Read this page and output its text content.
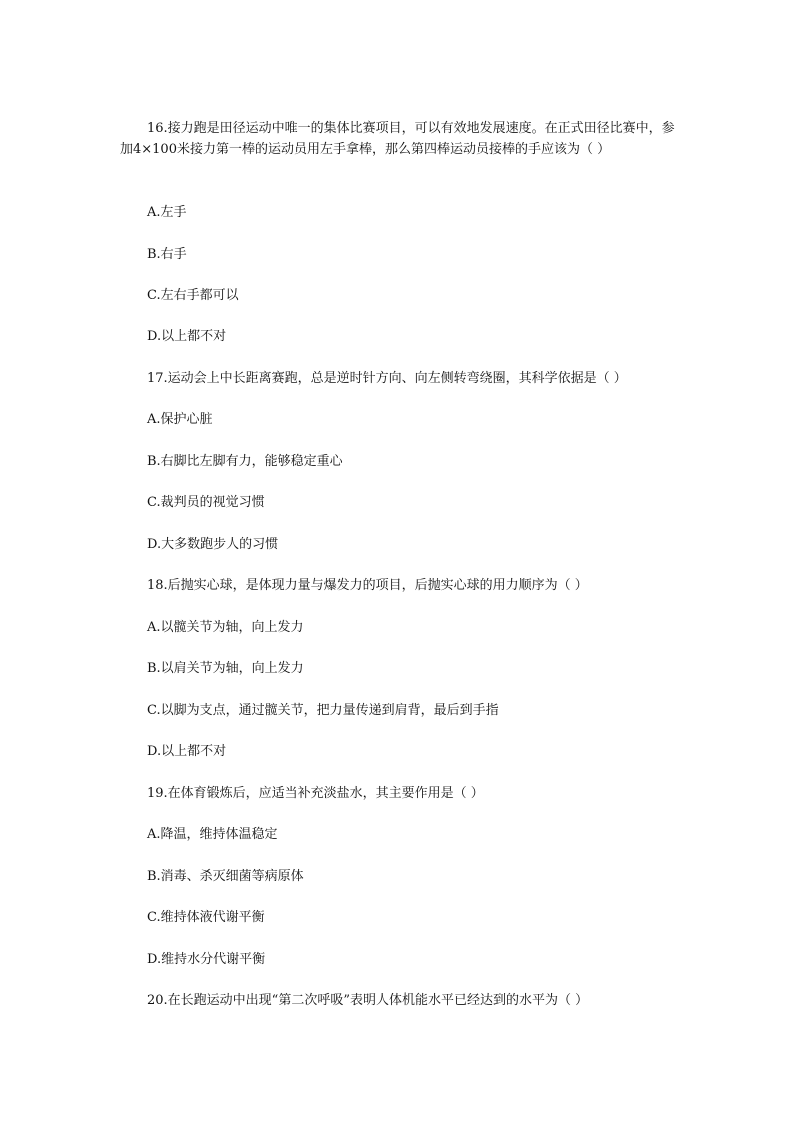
16.接力跑是田径运动中唯一的集体比赛项目，可以有效地发展速度。在正式田径比赛中，参加4×100米接力第一棒的运动员用左手拿棒，那么第四棒运动员接棒的手应该为（ ）

A.左手

B.右手

C.左右手都可以

D.以上都不对

17.运动会上中长距离赛跑，总是逆时针方向、向左侧转弯绕圈，其科学依据是（ ）

A.保护心脏

B.右脚比左脚有力，能够稳定重心

C.裁判员的视觉习惯

D.大多数跑步人的习惯

18.后抛实心球，是体现力量与爆发力的项目，后抛实心球的用力顺序为（ ）

A.以髋关节为轴，向上发力

B.以肩关节为轴，向上发力

C.以脚为支点，通过髋关节，把力量传递到肩背，最后到手指

D.以上都不对

19.在体育锻炼后，应适当补充淡盐水，其主要作用是（ ）

A.降温，维持体温稳定

B.消毒、杀灭细菌等病原体

C.维持体液代谢平衡

D.维持水分代谢平衡

20.在长跑运动中出现“第二次呼吸”表明人体机能水平已经达到的水平为（ ）
